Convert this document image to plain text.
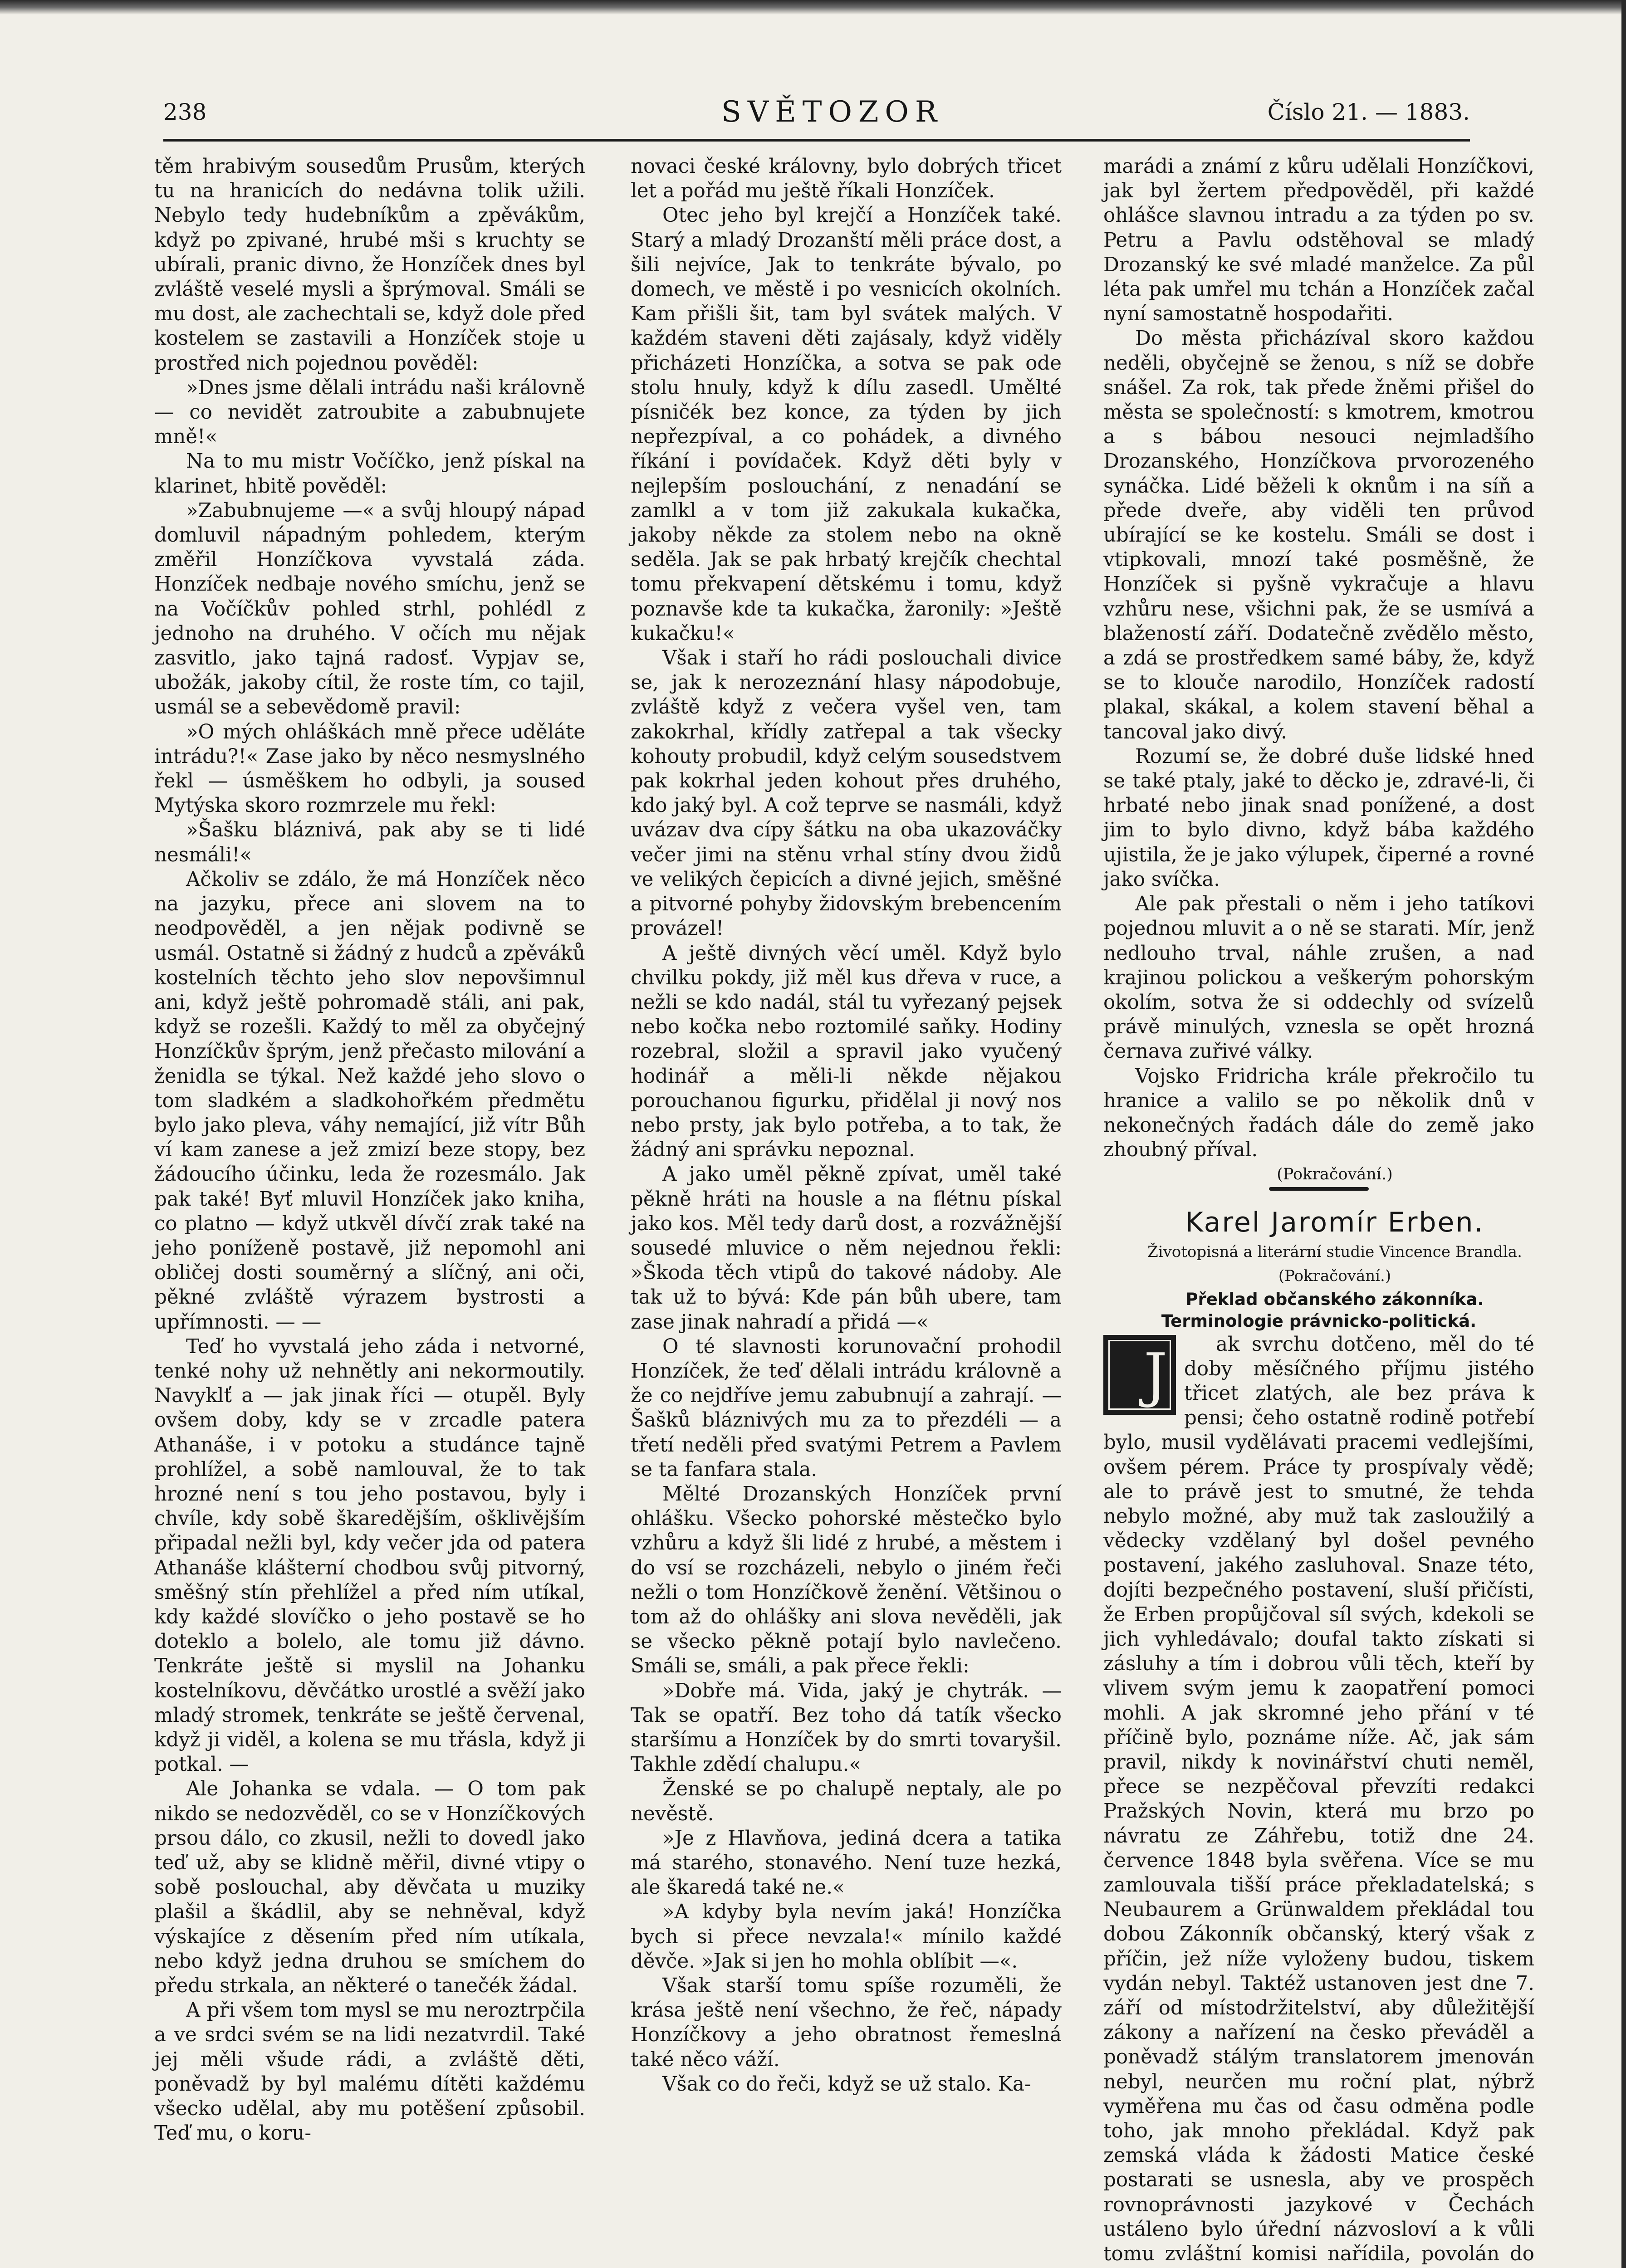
238	SVĚTOZOR	Číslo 21. — 1883.

těm hrabivým sousedům Prusům, kterých tu na hranicích do nedávna tolik užili. Nebylo tedy hudebníkům a zpěvákům, když po zpivané, hrubé mši s kruchty se ubírali, pranic divno, že Honzíček dnes byl zvláště veselé mysli a šprýmoval. Smáli se mu dost, ale zachechtali se, když dole před kostelem se zastavili a Honzíček stoje u prostřed nich pojednou pověděl:

»Dnes jsme dělali intrádu naši královně — co nevidět zatroubite a zabubnujete mně!«

Na to mu mistr Vočíčko, jenž pískal na klarinet, hbitě pověděl:

»Zabubnujeme —« a svůj hloupý nápad domluvil nápadným pohledem, kterým změřil Honzíčkova vyvstalá záda. Honzíček nedbaje nového smíchu, jenž se na Vočíčkův pohled strhl, pohlédl z jednoho na druhého. V očích mu nějak zasvitlo, jako tajná radosť. Vypjav se, ubožák, jakoby cítil, že roste tím, co tajil, usmál se a sebevědomě pravil:

»O mých ohláškách mně přece uděláte intrádu?!« Zase jako by něco nesmyslného řekl — úsměškem ho odbyli, ja soused Mytýska skoro rozmrzele mu řekl:

»Šašku bláznivá, pak aby se ti lidé nesmáli!«

Ačkoliv se zdálo, že má Honzíček něco na jazyku, přece ani slovem na to neodpověděl, a jen nějak podivně se usmál. Ostatně si žádný z hudců a zpěváků kostelních těchto jeho slov nepovšimnul ani, když ještě pohromadě stáli, ani pak, když se rozešli. Každý to měl za obyčejný Honzíčkův šprým, jenž přečasto milování a ženidla se týkal. Než každé jeho slovo o tom sladkém a sladkohořkém předmětu bylo jako pleva, váhy nemající, již vítr Bůh ví kam zanese a jež zmizí beze stopy, bez žádoucího účinku, leda že rozesmálo. Jak pak také! Byť mluvil Honzíček jako kniha, co platno — když utkvěl dívčí zrak také na jeho poníženě postavě, již nepomohl ani obličej dosti souměrný a slíčný, ani oči, pěkné zvláště výrazem bystrosti a upřímnosti. — —

Teď ho vyvstalá jeho záda i netvorné, tenké nohy už nehnětly ani nekormoutily. Navyklť a — jak jinak říci — otupěl. Byly ovšem doby, kdy se v zrcadle patera Athanáše, i v potoku a studánce tajně prohlížel, a sobě namlouval, že to tak hrozné není s tou jeho postavou, byly i chvíle, kdy sobě škaredějším, ošklivějším připadal nežli byl, kdy večer jda od patera Athanáše klášterní chodbou svůj pitvorný, směšný stín přehlížel a před ním utíkal, kdy každé slovíčko o jeho postavě se ho doteklo a bolelo, ale tomu již dávno. Tenkráte ještě si myslil na Johanku kostelníkovu, děvčátko urostlé a svěží jako mladý stromek, tenkráte se ještě červenal, když ji viděl, a kolena se mu třásla, když ji potkal. —

Ale Johanka se vdala. — O tom pak nikdo se nedozvěděl, co se v Honzíčkových prsou dálo, co zkusil, nežli to dovedl jako teď už, aby se klidně měřil, divné vtipy o sobě poslouchal, aby děvčata u muziky plašil a škádlil, aby se nehněval, když výskajíce z děsením před ním utíkala, nebo když jedna druhou se smíchem do předu strkala, an některé o tanečék žádal.

A při všem tom mysl se mu neroztrpčila a ve srdci svém se na lidi nezatvrdil. Také jej měli všude rádi, a zvláště děti, poněvadž by byl malému dítěti každému všecko udělal, aby mu potěšení způsobil. Teď mu, o koru-

novaci české královny, bylo dobrých třicet let a pořád mu ještě říkali Honzíček.

Otec jeho byl krejčí a Honzíček také. Starý a mladý Drozanští měli práce dost, a šili nejvíce, Jak to tenkráte bývalo, po domech, ve městě i po vesnicích okolních. Kam přišli šit, tam byl svátek malých. V každém staveni děti zajásaly, když viděly přicházeti Honzíčka, a sotva se pak ode stolu hnuly, když k dílu zasedl. Umělté písničék bez konce, za týden by jich nepřezpíval, a co pohádek, a divného říkání i povídaček. Když děti byly v nejlepším poslouchání, z nenadání se zamlkl a v tom již zakukala kukačka, jakoby někde za stolem nebo na okně seděla. Jak se pak hrbatý krejčík chechtal tomu překvapení dětskému i tomu, když poznavše kde ta kukačka, žaronily: »Ještě kukačku!«

Však i staří ho rádi poslouchali divice se, jak k nerozeznání hlasy nápodobuje, zvláště když z večera vyšel ven, tam zakokrhal, křídly zatřepal a tak všecky kohouty probudil, když celým sousedstvem pak kokrhal jeden kohout přes druhého, kdo jaký byl. A což teprve se nasmáli, když uvázav dva cípy šátku na oba ukazováčky večer jimi na stěnu vrhal stíny dvou židů ve velikých čepicích a divné jejich, směšné a pitvorné pohyby židovským brebencením provázel!

A ještě divných věcí uměl. Když bylo chvilku pokdy, již měl kus dřeva v ruce, a nežli se kdo nadál, stál tu vyřezaný pejsek nebo kočka nebo roztomilé saňky. Hodiny rozebral, složil a spravil jako vyučený hodinář a měli-li někde nějakou porouchanou figurku, přidělal ji nový nos nebo prsty, jak bylo potřeba, a to tak, že žádný ani správku nepoznal.

A jako uměl pěkně zpívat, uměl také pěkně hráti na housle a na flétnu pískal jako kos. Měl tedy darů dost, a rozvážnější sousedé mluvice o něm nejednou řekli: »Škoda těch vtipů do takové nádoby. Ale tak už to bývá: Kde pán bůh ubere, tam zase jinak nahradí a přidá —«

O té slavnosti korunovační prohodil Honzíček, že teď dělali intrádu královně a že co nejdříve jemu zabubnují a zahrají. — Šašků bláznivých mu za to přezdéli — a třetí neděli před svatými Petrem a Pavlem se ta fanfara stala.

Mělté Drozanských Honzíček první ohlášku. Všecko pohorské městečko bylo vzhůru a když šli lidé z hrubé, a městem i do vsí se rozcházeli, nebylo o jiném řeči nežli o tom Honzíčkově ženění. Většinou o tom až do ohlášky ani slova nevěděli, jak se všecko pěkně potají bylo navlečeno. Smáli se, smáli, a pak přece řekli:

»Dobře má. Vida, jaký je chytrák. — Tak se opatří. Bez toho dá tatík všecko staršímu a Honzíček by do smrti tovaryšil. Takhle zdědí chalupu.«

Ženské se po chalupě neptaly, ale po nevěstě.

»Je z Hlavňova, jediná dcera a tatika má starého, stonavého. Není tuze hezká, ale škaredá také ne.«

»A kdyby byla nevím jaká! Honzíčka bych si přece nevzala!« mínilo každé děvče. »Jak si jen ho mohla oblíbit —«.

Však starší tomu spíše rozuměli, že krása ještě není všechno, že řeč, nápady Honzíčkovy a jeho obratnost řemeslná také něco váží.

Však co do řeči, když se už stalo. Ka-

marádi a známí z kůru udělali Honzíčkovi, jak byl žertem předpověděl, při každé ohlášce slavnou intradu a za týden po sv. Petru a Pavlu odstěhoval se mladý Drozanský ke své mladé manželce. Za půl léta pak umřel mu tchán a Honzíček začal nyní samostatně hospodařiti.

Do města přicházíval skoro každou neděli, obyčejně se ženou, s níž se dobře snášel. Za rok, tak přede žněmi přišel do města se společností: s kmotrem, kmotrou a s bábou nesouci nejmladšího Drozanského, Honzíčkova prvorozeného synáčka. Lidé běželi k oknům i na síň a přede dveře, aby viděli ten průvod ubírající se ke kostelu. Smáli se dost i vtipkovali, mnozí také posměšně, že Honzíček si pyšně vykračuje a hlavu vzhůru nese, všichni pak, že se usmívá a blažeností září. Dodatečně zvědělo město, a zdá se prostředkem samé báby, že, když se to klouče narodilo, Honzíček radostí plakal, skákal, a kolem stavení běhal a tancoval jako divý.

Rozumí se, že dobré duše lidské hned se také ptaly, jaké to děcko je, zdravé-li, či hrbaté nebo jinak snad ponížené, a dost jim to bylo divno, když bába každého ujistila, že je jako výlupek, čiperné a rovné jako svíčka.

Ale pak přestali o něm i jeho tatíkovi pojednou mluvit a o ně se starati. Mír, jenž nedlouho trval, náhle zrušen, a nad krajinou polickou a veškerým pohorským okolím, sotva že si oddechly od svízelů právě minulých, vznesla se opět hrozná černava zuřivé války.

Vojsko Fridricha krále překročilo tu hranice a valilo se po několik dnů v nekonečných řadách dále do země jako zhoubný příval.

(Pokračování.)

Karel Jaromír Erben.

Životopisná a literární studie Vincence Brandla.

(Pokračování.)

Překlad občanského zákonníka. Terminologie právnicko-politická.

J	ak svrchu dotčeno, měl do té doby měsíčného příjmu jistého třicet zlatých, ale bez práva k pensi; čeho ostatně rodině potřebí bylo, musil vydělávati pracemi vedlejšími, ovšem pérem. Práce ty prospívaly vědě; ale to právě jest to smutné, že tehda nebylo možné, aby muž tak zasloužilý a vědecky vzdělaný byl došel pevného postavení, jakého zasluhoval. Snaze této, dojíti bezpečného postavení, sluší přičísti, že Erben propůjčoval síl svých, kdekoli se jich vyhledávalo; doufal takto získati si zásluhy a tím i dobrou vůli těch, kteří by vlivem svým jemu k zaopatření pomoci mohli. A jak skromné jeho přání v té příčině bylo, poznáme níže. Ač, jak sám pravil, nikdy k novinářství chuti neměl, přece se nezpěčoval převzíti redakci Pražských Novin, která mu brzo po návratu ze Záhřebu, totiž dne 24. července 1848 byla svěřena. Více se mu zamlouvala tišší práce překladatelská; s Neubaurem a Grünwaldem překládal tou dobou Zákonník občanský, který však z příčin, jež níže vyloženy budou, tiskem vydán nebyl. Taktéž ustanoven jest dne 7. září od místodržitelství, aby důležitější zákony a nařízení na česko převáděl a poněvadž stálým translatorem jmenován nebyl, neurčen mu roční plat, nýbrž vyměřena mu čas od času odměna podle toho, jak mnoho překládal. Když pak zemská vláda k žádosti Matice české postarati se usnesla, aby ve prospěch rovnoprávnosti jazykové v Čechách ustáleno bylo úřední názvosloví a k vůli tomu zvláštní komisi nařídila, povolán do
